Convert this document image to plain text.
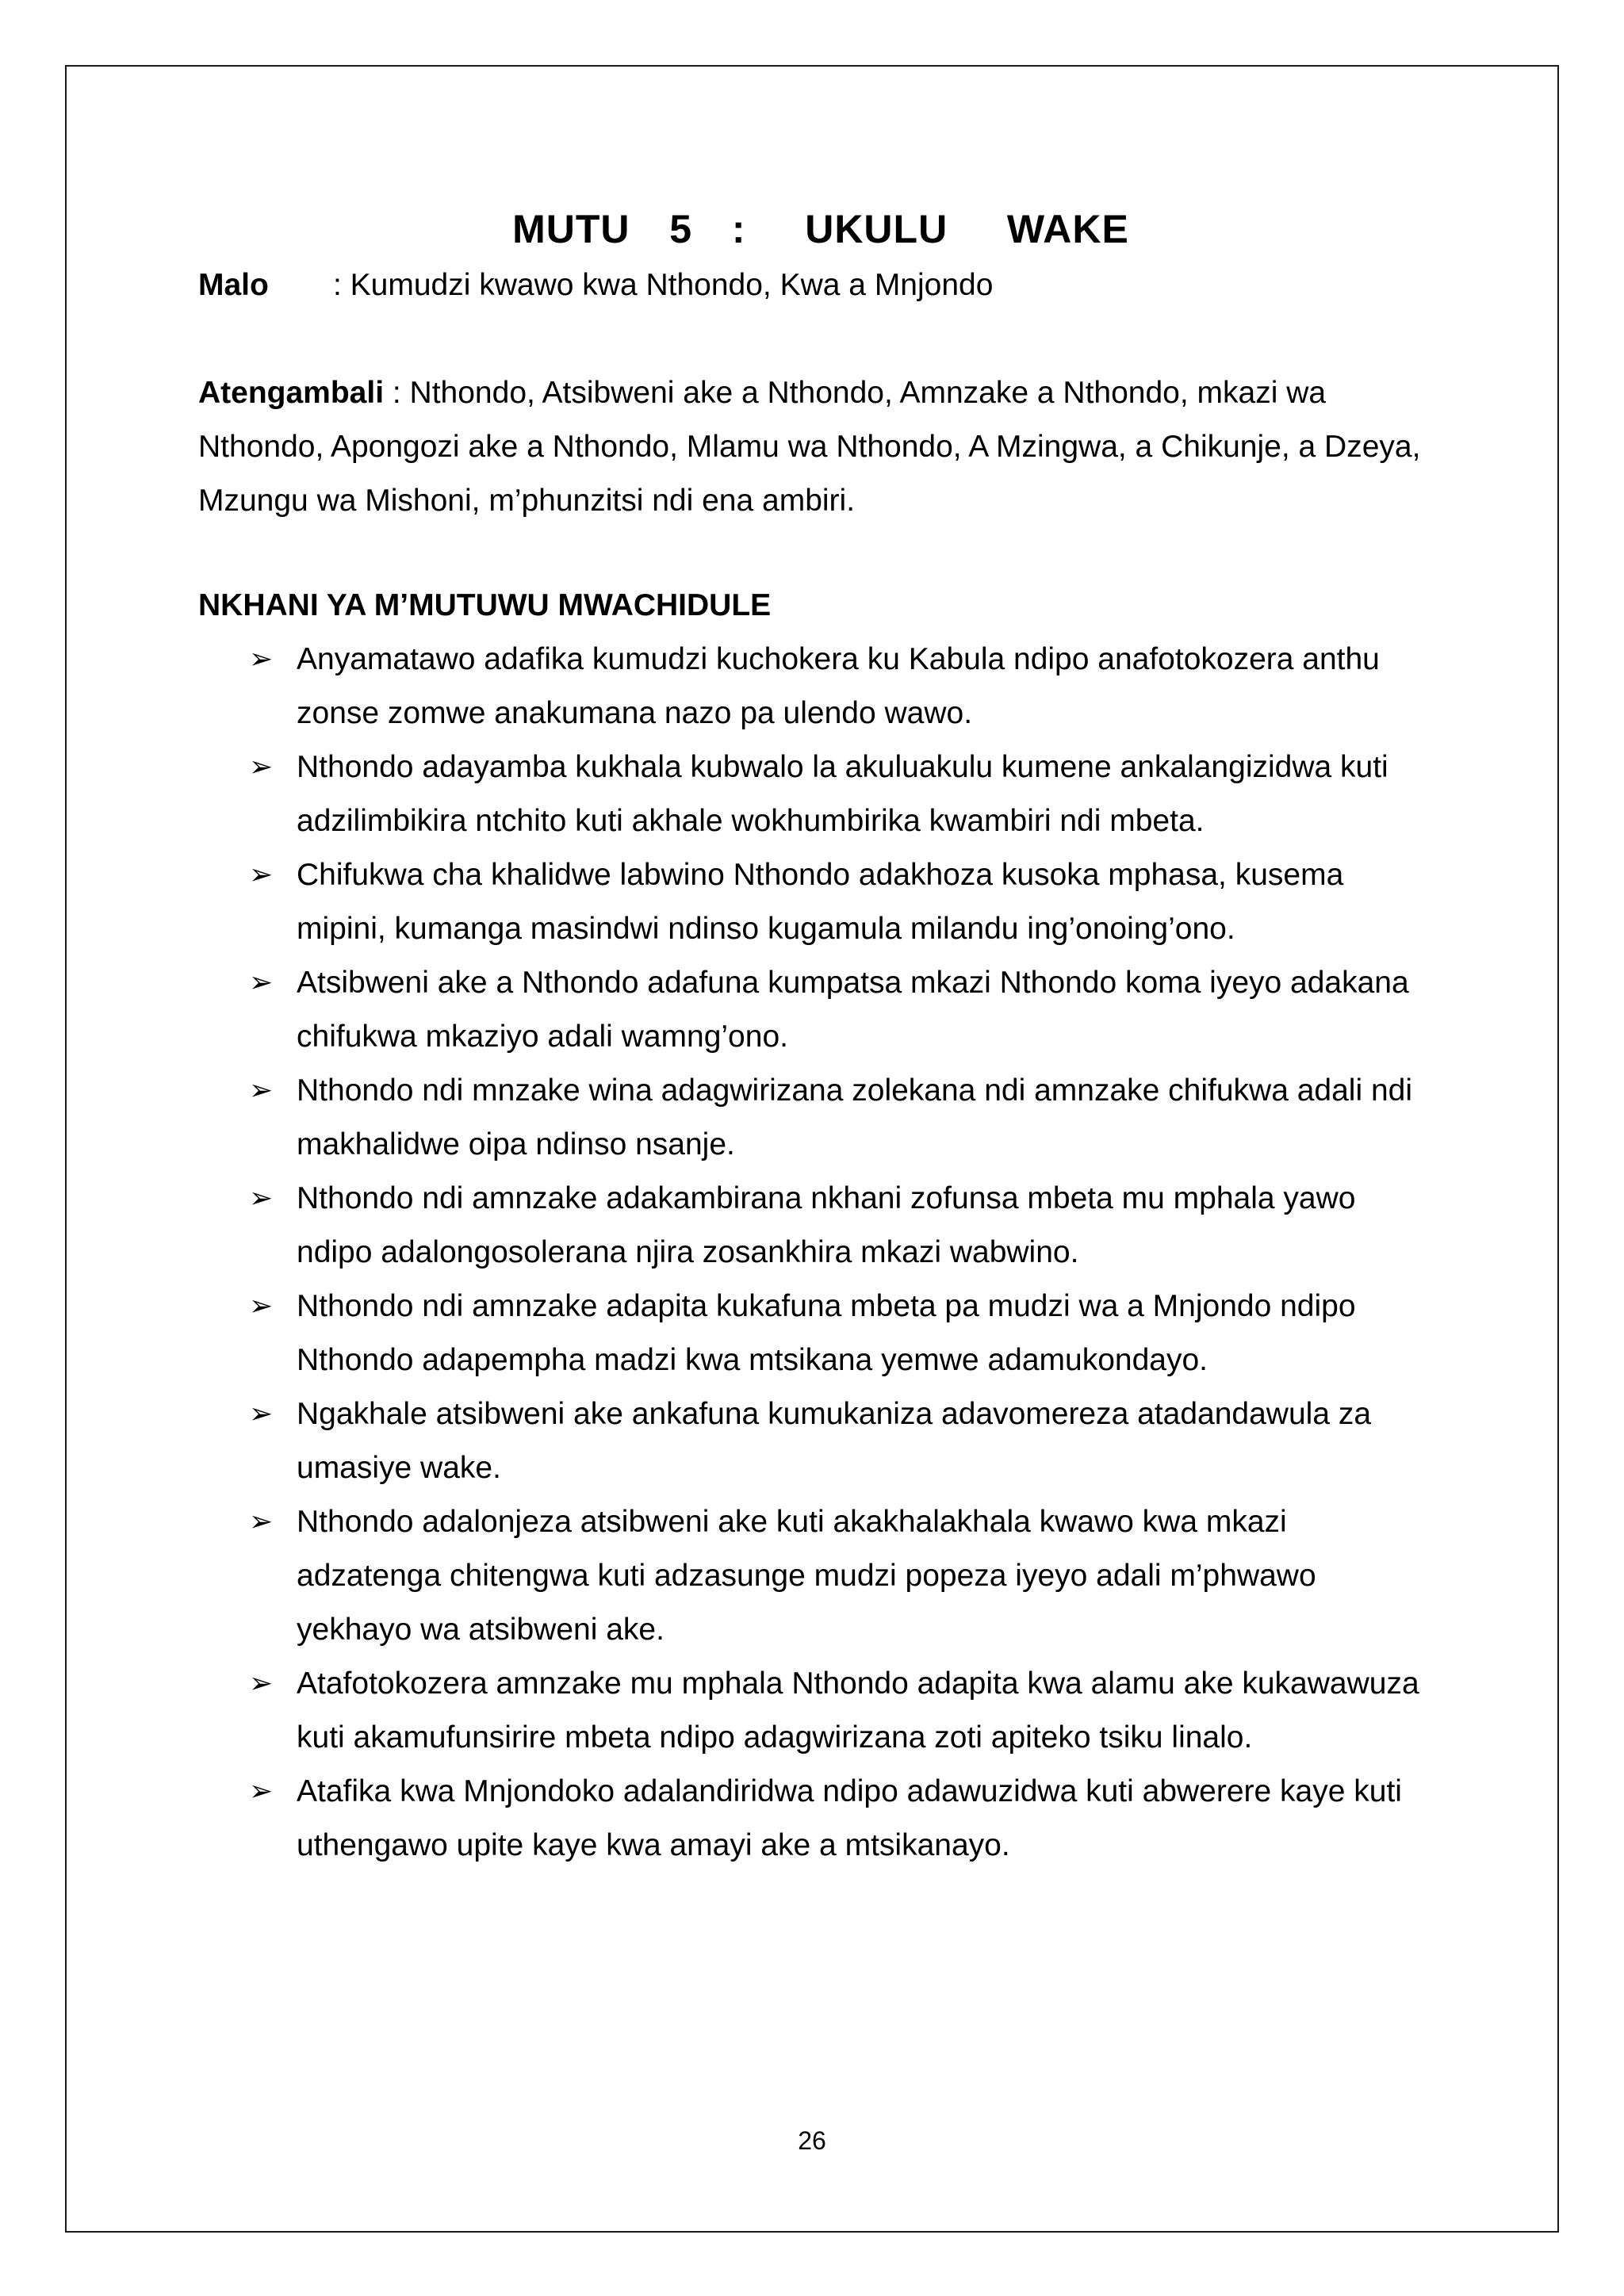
MUTU  5  :   UKULU   WAKE

Malo : Kumudzi kwawo kwa Nthondo, Kwa a Mnjondo

Atengambali : Nthondo, Atsibweni ake a Nthondo, Amnzake a Nthondo, mkazi wa Nthondo, Apongozi ake a Nthondo, Mlamu wa Nthondo, A Mzingwa, a Chikunje, a Dzeya, Mzungu wa Mishoni, m’phunzitsi ndi ena ambiri.

NKHANI YA M’MUTUWU MWACHIDULE
➢ Anyamatawo adafika kumudzi kuchokera ku Kabula ndipo anafotokozera anthu zonse zomwe anakumana nazo pa ulendo wawo.
➢ Nthondo adayamba kukhala kubwalo la akuluakulu kumene ankalangizidwa kuti adzilimbikira ntchito kuti akhale wokhumbirika kwambiri ndi mbeta.
➢ Chifukwa cha khalidwe labwino Nthondo adakhoza kusoka mphasa, kusema mipini, kumanga masindwi ndinso kugamula milandu ing’onoing’ono.
➢ Atsibweni ake a Nthondo adafuna kumpatsa mkazi Nthondo koma iyeyo adakana chifukwa mkaziyo adali wamng’ono.
➢ Nthondo ndi mnzake wina adagwirizana zolekana ndi amnzake chifukwa adali ndi makhalidwe oipa ndinso nsanje.
➢ Nthondo ndi amnzake adakambirana nkhani zofunsa mbeta mu mphala yawo ndipo adalongosolerana njira zosankhira mkazi wabwino.
➢ Nthondo ndi amnzake adapita kukafuna mbeta pa mudzi wa a Mnjondo ndipo Nthondo adapempha madzi kwa mtsikana yemwe adamukondayo.
➢ Ngakhale atsibweni ake ankafuna kumukaniza adavomereza atadandawula za umasiye wake.
➢ Nthondo adalonjeza atsibweni ake kuti akakhalakhala kwawo kwa mkazi adzatenga chitengwa kuti adzasunge mudzi popeza iyeyo adali m’phwawo yekhayo wa atsibweni ake.
➢ Atafotokozera amnzake mu mphala Nthondo adapita kwa alamu ake kukawawuza kuti akamufunsirire mbeta ndipo adagwirizana zoti apiteko tsiku linalo.
➢ Atafika kwa Mnjondoko adalandiridwa ndipo adawuzidwa kuti abwerere kaye kuti uthengawo upite kaye kwa amayi ake a mtsikanayo.
26
